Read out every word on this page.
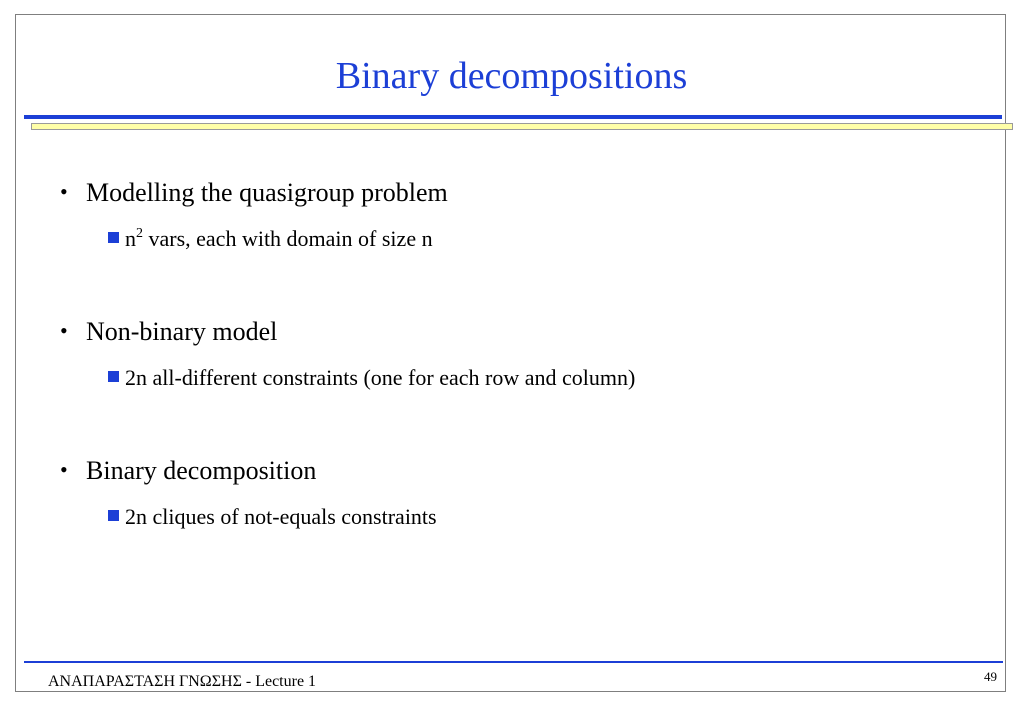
Binary decompositions
• Modelling the quasigroup problem
$n^2$ vars, each with domain of size n
• Non-binary model
2n all-different constraints (one for each row and column)
• Binary decomposition
2n cliques of not-equals constraints
ΑΝΑΠΑΡΑΣΤΑΣΗ ΓΝΩΣΗΣ - Lecture 1	49
